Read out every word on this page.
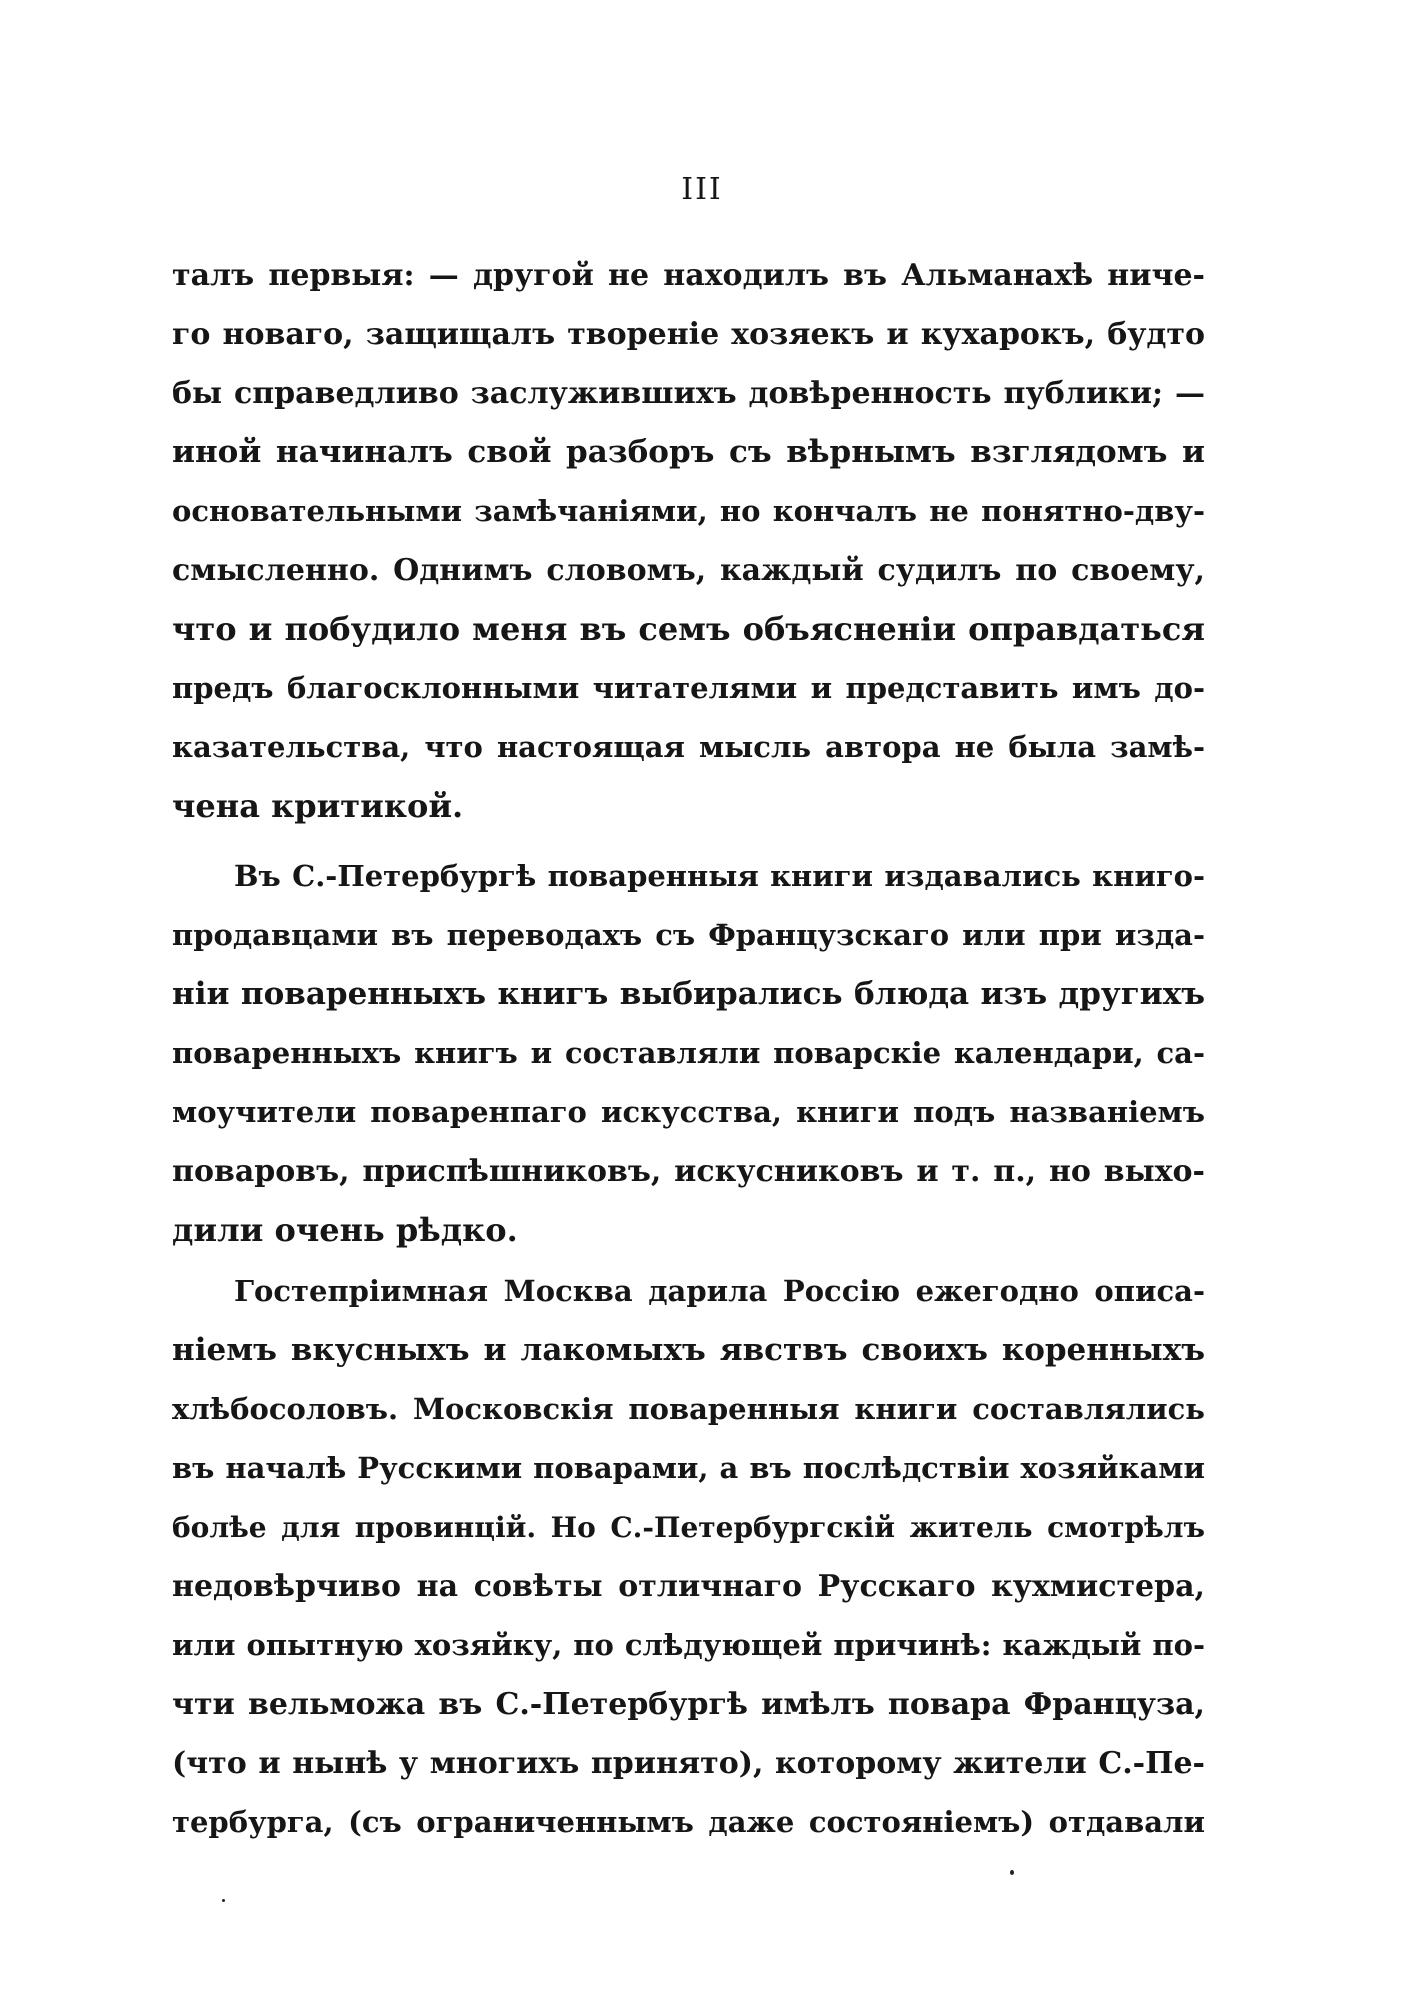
III
талъ первыя: — другой не находилъ въ Альманахѣ ниче-
го новаго, защищалъ творенiе хозяекъ и кухарокъ, будто
бы справедливо заслужившихъ довѣренность публики; —
иной начиналъ свой разборъ съ вѣрнымъ взглядомъ и
основательными замѣчанiями, но кончалъ не понятно-дву-
смысленно. Однимъ словомъ, каждый судилъ по своему,
что и побудило меня въ семъ объясненiи оправдаться
предъ благосклонными читателями и представить имъ до-
казательства, что настоящая мысль автора не была замѣ-
чена критикой.
Въ С.-Петербургѣ поваренныя книги издавались книго-
продавцами въ переводахъ съ Французскаго или при изда-
нiи поваренныхъ книгъ выбирались блюда изъ другихъ
поваренныхъ книгъ и составляли поварскiе календари, са-
моучители поваренпаго искусства, книги подъ названiемъ
поваровъ, приспѣшниковъ, искусниковъ и т. п., но выхо-
дили очень рѣдко.
Гостепрiимная Москва дарила Россiю ежегодно описа-
нiемъ вкусныхъ и лакомыхъ явствъ своихъ коренныхъ
хлѣбосоловъ. Московскiя поваренныя книги составлялись
въ началѣ Русскими поварами, а въ послѣдствiи хозяйками
болѣе для провинцiй. Но С.-Петербургскiй житель смотрѣлъ
недовѣрчиво на совѣты отличнаго Русскаго кухмистера,
или опытную хозяйку, по слѣдующей причинѣ: каждый по-
чти вельможа въ С.-Петербургѣ имѣлъ повара Француза,
(что и нынѣ у многихъ принято), которому жители С.-Пе-
тербурга, (съ ограниченнымъ даже состоянiемъ) отдавали
